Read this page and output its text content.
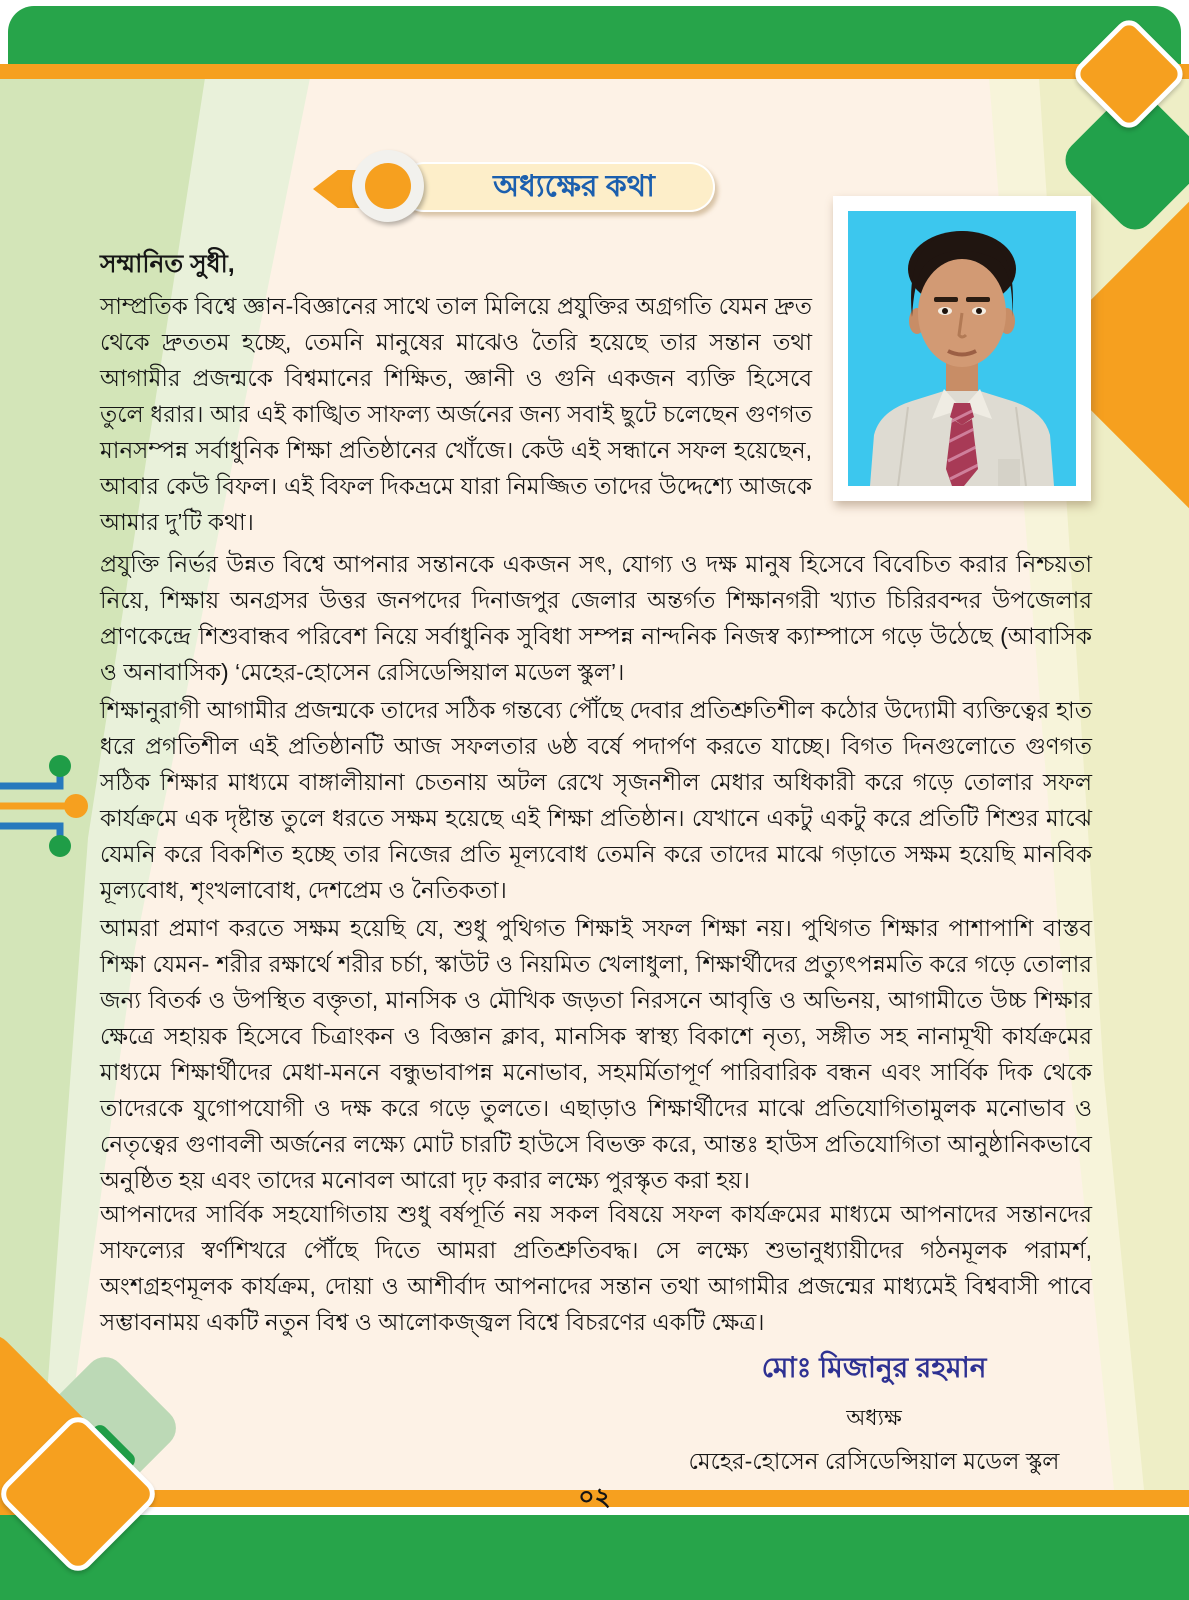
অধ্যক্ষের কথা

সম্মানিত সুধী,

সাম্প্রতিক বিশ্বে জ্ঞান-বিজ্ঞানের সাথে তাল মিলিয়ে প্রযুক্তির অগ্রগতি যেমন দ্রুত থেকে দ্রুততম হচ্ছে, তেমনি মানুষের মাঝেও তৈরি হয়েছে তার সন্তান তথা আগামীর প্রজন্মকে বিশ্বমানের শিক্ষিত, জ্ঞানী ও গুনি একজন ব্যক্তি হিসেবে তুলে ধরার। আর এই কাঙ্খিত সাফল্য অর্জনের জন্য সবাই ছুটে চলেছেন গুণগত মানসম্পন্ন সর্বাধুনিক শিক্ষা প্রতিষ্ঠানের খোঁজে। কেউ এই সন্ধানে সফল হয়েছেন, আবার কেউ বিফল। এই বিফল দিকভ্রমে যারা নিমজ্জিত তাদের উদ্দেশ্যে আজকে আমার দু’টি কথা।

প্রযুক্তি নির্ভর উন্নত বিশ্বে আপনার সন্তানকে একজন সৎ, যোগ্য ও দক্ষ মানুষ হিসেবে বিবেচিত করার নিশ্চয়তা নিয়ে, শিক্ষায় অনগ্রসর উত্তর জনপদের দিনাজপুর জেলার অন্তর্গত শিক্ষানগরী খ্যাত চিরিরবন্দর উপজেলার প্রাণকেন্দ্রে শিশুবান্ধব পরিবেশ নিয়ে সর্বাধুনিক সুবিধা সম্পন্ন নান্দনিক নিজস্ব ক্যাম্পাসে গড়ে উঠেছে (আবাসিক ও অনাবাসিক) ‘মেহের-হোসেন রেসিডেন্সিয়াল মডেল স্কুল’।

শিক্ষানুরাগী আগামীর প্রজন্মকে তাদের সঠিক গন্তব্যে পৌঁছে দেবার প্রতিশ্রুতিশীল কঠোর উদ্যোমী ব্যক্তিত্বের হাত ধরে প্রগতিশীল এই প্রতিষ্ঠানটি আজ সফলতার ৬ষ্ঠ বর্ষে পদার্পণ করতে যাচ্ছে। বিগত দিনগুলোতে গুণগত সঠিক শিক্ষার মাধ্যমে বাঙ্গালীয়ানা চেতনায় অটল রেখে সৃজনশীল মেধার অধিকারী করে গড়ে তোলার সফল কার্যক্রমে এক দৃষ্টান্ত তুলে ধরতে সক্ষম হয়েছে এই শিক্ষা প্রতিষ্ঠান। যেখানে একটু একটু করে প্রতিটি শিশুর মাঝে যেমনি করে বিকশিত হচ্ছে তার নিজের প্রতি মূল্যবোধ তেমনি করে তাদের মাঝে গড়াতে সক্ষম হয়েছি মানবিক মূল্যবোধ, শৃংখলাবোধ, দেশপ্রেম ও নৈতিকতা।

আমরা প্রমাণ করতে সক্ষম হয়েছি যে, শুধু পুথিগত শিক্ষাই সফল শিক্ষা নয়। পুথিগত শিক্ষার পাশাপাশি বাস্তব শিক্ষা যেমন- শরীর রক্ষার্থে শরীর চর্চা, স্কাউট ও নিয়মিত খেলাধুলা, শিক্ষার্থীদের প্রত্যুৎপন্নমতি করে গড়ে তোলার জন্য বিতর্ক ও উপস্থিত বক্তৃতা, মানসিক ও মৌখিক জড়তা নিরসনে আবৃত্তি ও অভিনয়, আগামীতে উচ্চ শিক্ষার ক্ষেত্রে সহায়ক হিসেবে চিত্রাংকন ও বিজ্ঞান ক্লাব, মানসিক স্বাস্থ্য বিকাশে নৃত্য, সঙ্গীত সহ নানামূখী কার্যক্রমের মাধ্যমে শিক্ষার্থীদের মেধা-মননে বন্ধুভাবাপন্ন মনোভাব, সহমর্মিতাপূর্ণ পারিবারিক বন্ধন এবং সার্বিক দিক থেকে তাদেরকে যুগোপযোগী ও দক্ষ করে গড়ে তুলতে। এছাড়াও শিক্ষার্থীদের মাঝে প্রতিযোগিতামুলক মনোভাব ও নেতৃত্বের গুণাবলী অর্জনের লক্ষ্যে মোট চারটি হাউসে বিভক্ত করে, আন্তঃ হাউস প্রতিযোগিতা আনুষ্ঠানিকভাবে অনুষ্ঠিত হয় এবং তাদের মনোবল আরো দৃঢ় করার লক্ষ্যে পুরস্কৃত করা হয়।

আপনাদের সার্বিক সহযোগিতায় শুধু বর্ষপূর্তি নয় সকল বিষয়ে সফল কার্যক্রমের মাধ্যমে আপনাদের সন্তানদের সাফল্যের স্বর্ণশিখরে পৌঁছে দিতে আমরা প্রতিশ্রুতিবদ্ধ। সে লক্ষ্যে শুভানুধ্যায়ীদের গঠনমূলক পরামর্শ, অংশগ্রহণমূলক কার্যক্রম, দোয়া ও আশীর্বাদ আপনাদের সন্তান তথা আগামীর প্রজন্মের মাধ্যমেই বিশ্ববাসী পাবে সম্ভাবনাময় একটি নতুন বিশ্ব ও আলোকজ্জ্বল বিশ্বে বিচরণের একটি ক্ষেত্র।

মোঃ মিজানুর রহমান
অধ্যক্ষ
মেহের-হোসেন রেসিডেন্সিয়াল মডেল স্কুল
০২
